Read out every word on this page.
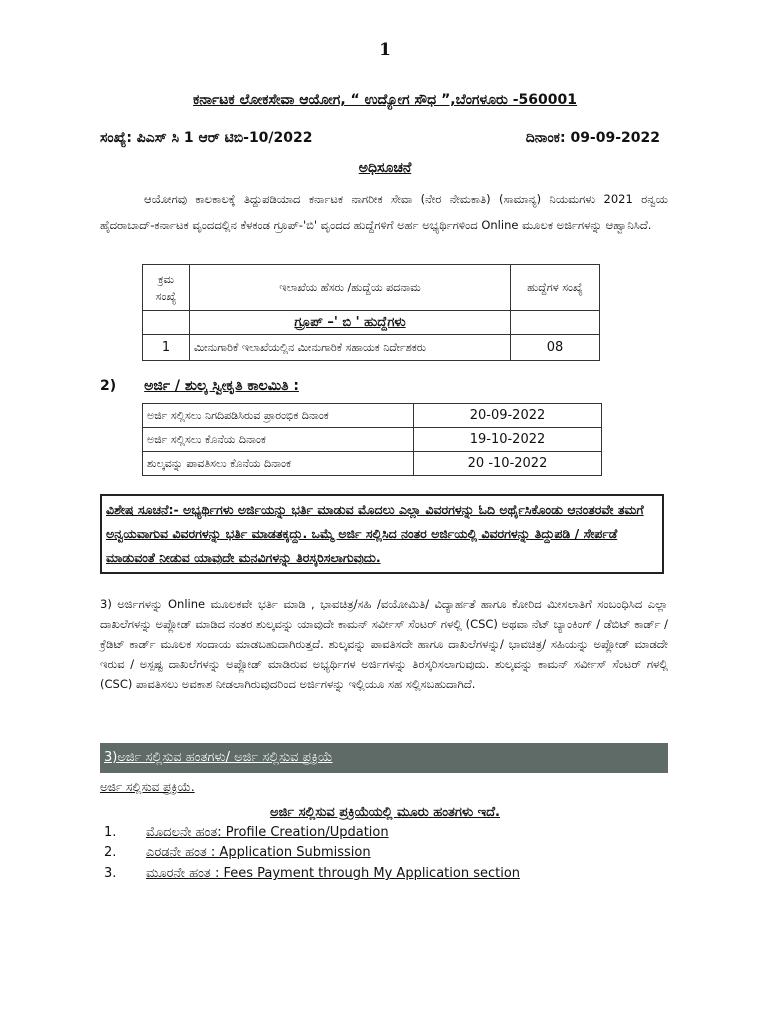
1
ಕರ್ನಾಟಕ ಲೋಕಸೇವಾ ಆಯೋಗ, “ ಉದ್ಯೋಗ ಸೌಧ ”,ಬೆಂಗಳೂರು -560001
ಸಂಖ್ಯೆ: ಪಿಎಸ್ ಸಿ 1 ಆರ್ ಟಿಬಿ-10/2022	ದಿನಾಂಕ: 09-09-2022
ಅಧಿಸೂಚನೆ
ಆಯೋಗವು ಕಾಲಕಾಲಕ್ಕೆ ತಿದ್ದುಪಡಿಯಾದ ಕರ್ನಾಟಕ ನಾಗರೀಕ ಸೇವಾ (ನೇರ ನೇಮಕಾತಿ) (ಸಾಮಾನ್ಯ) ನಿಯಮಗಳು 2021 ರನ್ವಯ ಹೈದರಾಬಾದ್-ಕರ್ನಾಟಕ ವೃಂದದಲ್ಲಿನ ಕೆಳಕಂಡ ಗ್ರೂಪ್-'ಬಿ' ವೃಂದದ ಹುದ್ದೆಗಳಿಗೆ ಅರ್ಹ ಅಭ್ಯರ್ಥಿಗಳಿಂದ Online ಮೂಲಕ ಅರ್ಜಿಗಳನ್ನು ಆಹ್ವಾನಿಸಿದೆ.
ಕ್ರಮ ಸಂಖ್ಯೆ	ಇಲಾಖೆಯ ಹೆಸರು /ಹುದ್ದೆಯ ಪದನಾಮ	ಹುದ್ದೆಗಳ ಸಂಖ್ಯೆ
	ಗ್ರೂಪ್ –' ಬಿ ' ಹುದ್ದೆಗಳು	
1	ಮೀನುಗಾರಿಕೆ ಇಲಾಖೆಯಲ್ಲಿನ ಮೀನುಗಾರಿಕೆ ಸಹಾಯಕ ನಿರ್ದೇಶಕರು	08
2) ಅರ್ಜಿ / ಶುಲ್ಕ ಸ್ವೀಕೃತಿ ಕಾಲಮಿತಿ :
ಅರ್ಜಿ ಸಲ್ಲಿಸಲು ನಿಗದಿಪಡಿಸಿರುವ ಪ್ರಾರಂಭಿಕ ದಿನಾಂಕ	20-09-2022
ಅರ್ಜಿ ಸಲ್ಲಿಸಲು ಕೊನೆಯ ದಿನಾಂಕ	19-10-2022
ಶುಲ್ಕವನ್ನು ಪಾವತಿಸಲು ಕೊನೆಯ ದಿನಾಂಕ	20 -10-2022
ವಿಶೇಷ ಸೂಚನೆ:- ಅಭ್ಯರ್ಥಿಗಳು ಅರ್ಜಿಯನ್ನು ಭರ್ತಿ ಮಾಡುವ ಮೊದಲು ಎಲ್ಲಾ ವಿವರಗಳನ್ನು ಓದಿ ಅರ್ಥೈಸಿಕೊಂಡು ಆನಂತರವೇ ತಮಗೆ ಅನ್ವಯವಾಗುವ ವಿವರಗಳನ್ನು ಭರ್ತಿ ಮಾಡತಕ್ಕದ್ದು. ಒಮ್ಮೆ ಅರ್ಜಿ ಸಲ್ಲಿಸಿದ ನಂತರ ಅರ್ಜಿಯಲ್ಲಿ ವಿವರಗಳನ್ನು ತಿದ್ದುಪಡಿ / ಸೇರ್ಪಡೆ ಮಾಡುವಂತೆ ನೀಡುವ ಯಾವುದೇ ಮನವಿಗಳನ್ನು ತಿರಸ್ಕರಿಸಲಾಗುವುದು.
3) ಅರ್ಜಿಗಳನ್ನು Online ಮೂಲಕವೇ ಭರ್ತಿ ಮಾಡಿ , ಭಾವಚಿತ್ರ/ಸಹಿ /ವಯೋಮಿತಿ/ ವಿದ್ಯಾರ್ಹತೆ ಹಾಗೂ ಕೋರಿದ ಮೀಸಲಾತಿಗೆ ಸಂಬಂಧಿಸಿದ ಎಲ್ಲಾ ದಾಖಲೆಗಳನ್ನು ಅಪ್ಲೋಡ್ ಮಾಡಿದ ನಂತರ ಶುಲ್ಕವನ್ನು ಯಾವುದೇ ಕಾಮನ್ ಸರ್ವೀಸ್ ಸೆಂಟರ್ ಗಳಲ್ಲಿ (CSC) ಅಥವಾ ನೆಟ್ ಬ್ಯಾಂಕಿಂಗ್ / ಡೆಬಿಟ್ ಕಾರ್ಡ್ / ಕ್ರೆಡಿಟ್ ಕಾರ್ಡ್ ಮೂಲಕ ಸಂದಾಯ ಮಾಡಬಹುದಾಗಿರುತ್ತದೆ. ಶುಲ್ಕವನ್ನು ಪಾವತಿಸದೇ ಹಾಗೂ ದಾಖಲೆಗಳನ್ನು/ ಭಾವಚಿತ್ರ/ ಸಹಿಯನ್ನು ಅಪ್ಲೋಡ್ ಮಾಡದೇ ಇರುವ / ಅಸ್ಪಷ್ಟ ದಾಖಲೆಗಳನ್ನು ಅಪ್ಲೋಡ್ ಮಾಡಿರುವ ಅಭ್ಯರ್ಥಿಗಳ ಅರ್ಜಿಗಳನ್ನು ತಿರಸ್ಕರಿಸಲಾಗುವುದು. ಶುಲ್ಕವನ್ನು ಕಾಮನ್ ಸರ್ವೀಸ್ ಸೆಂಟರ್ ಗಳಲ್ಲಿ (CSC) ಪಾವತಿಸಲು ಅವಕಾಶ ನೀಡಲಾಗಿರುವುದರಿಂದ ಅರ್ಜಿಗಳನ್ನು ಇಲ್ಲಿಯೂ ಸಹ ಸಲ್ಲಿಸಬಹುದಾಗಿದೆ.
3)ಅರ್ಜಿ ಸಲ್ಲಿಸುವ ಹಂತಗಳು/ ಅರ್ಜಿ ಸಲ್ಲಿಸುವ ಪ್ರಕ್ರಿಯೆ
ಅರ್ಜಿ ಸಲ್ಲಿಸುವ ಪ್ರಕ್ರಿಯೆ.
ಅರ್ಜಿ ಸಲ್ಲಿಸುವ ಪ್ರಕ್ರಿಯೆಯಲ್ಲಿ ಮೂರು ಹಂತಗಳು ಇದೆ.
1. ಮೊದಲನೇ ಹಂತ: Profile Creation/Updation
2. ಎರಡನೇ ಹಂತ : Application Submission
3. ಮೂರನೇ ಹಂತ : Fees Payment through My Application section
